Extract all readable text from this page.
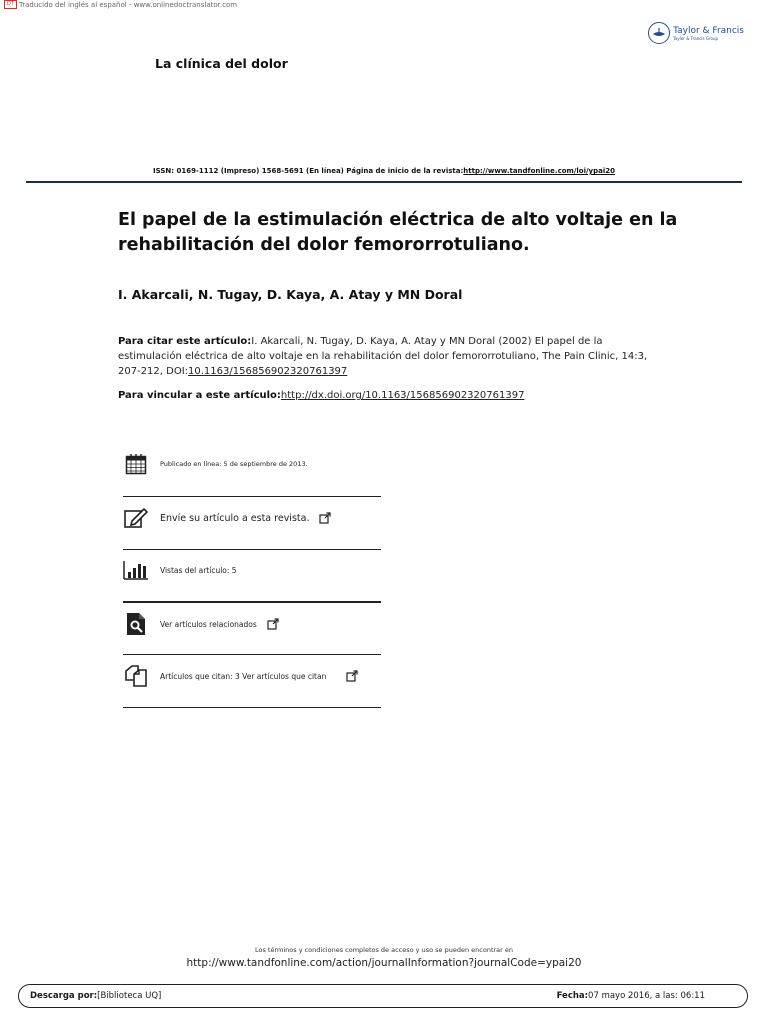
DT Traducido del inglés al español - www.onlinedoctranslator.com
Taylor & Francis
Taylor & Francis Group
La clínica del dolor
ISSN: 0169-1112 (Impreso) 1568-5691 (En línea) Página de inicio de la revista:http://www.tandfonline.com/loi/ypai20
El papel de la estimulación eléctrica de alto voltaje en la rehabilitación del dolor femororrotuliano.
I. Akarcali, N. Tugay, D. Kaya, A. Atay y MN Doral
Para citar este artículo:I. Akarcali, N. Tugay, D. Kaya, A. Atay y MN Doral (2002) El papel de la estimulación eléctrica de alto voltaje en la rehabilitación del dolor femororrotuliano, The Pain Clinic, 14:3, 207-212, DOI:10.1163/156856902320761397
Para vincular a este artículo:http://dx.doi.org/10.1163/156856902320761397
Publicado en línea: 5 de septiembre de 2013.
Envíe su artículo a esta revista.
Vistas del artículo: 5
Ver artículos relacionados
Artículos que citan: 3 Ver artículos que citan
Los términos y condiciones completos de acceso y uso se pueden encontrar en
http://www.tandfonline.com/action/journalInformation?journalCode=ypai20
Descarga por:[Biblioteca UQ]	Fecha:07 mayo 2016, a las: 06:11
